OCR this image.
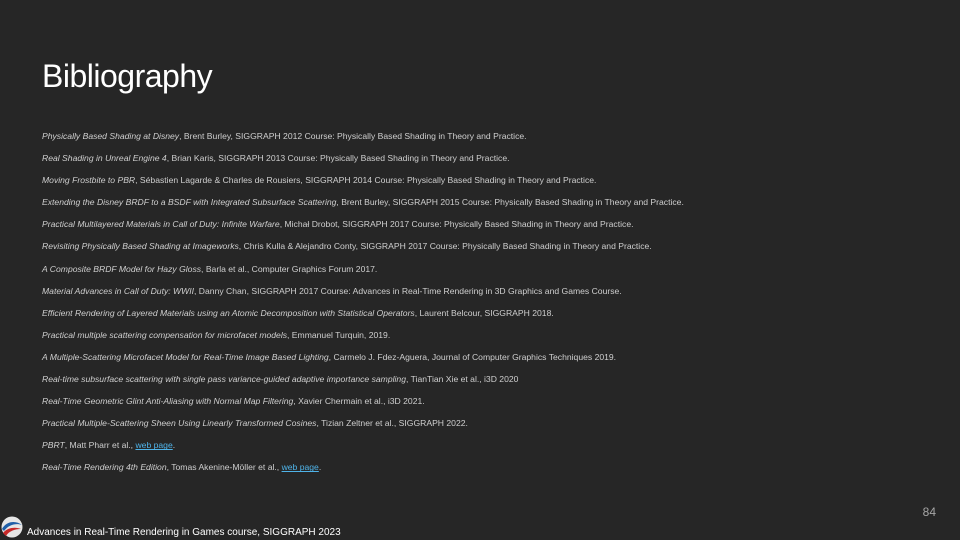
Bibliography
Physically Based Shading at Disney, Brent Burley, SIGGRAPH 2012 Course: Physically Based Shading in Theory and Practice.
Real Shading in Unreal Engine 4, Brian Karis, SIGGRAPH 2013 Course: Physically Based Shading in Theory and Practice.
Moving Frostbite to PBR, Sébastien Lagarde & Charles de Rousiers, SIGGRAPH 2014 Course: Physically Based Shading in Theory and Practice.
Extending the Disney BRDF to a BSDF with Integrated Subsurface Scattering, Brent Burley, SIGGRAPH 2015 Course: Physically Based Shading in Theory and Practice.
Practical Multilayered Materials in Call of Duty: Infinite Warfare, Michał Drobot, SIGGRAPH 2017 Course: Physically Based Shading in Theory and Practice.
Revisiting Physically Based Shading at Imageworks, Chris Kulla & Alejandro Conty, SIGGRAPH 2017 Course: Physically Based Shading in Theory and Practice.
A Composite BRDF Model for Hazy Gloss, Barla et al., Computer Graphics Forum 2017.
Material Advances in Call of Duty: WWII, Danny Chan, SIGGRAPH 2017 Course: Advances in Real-Time Rendering in 3D Graphics and Games Course.
Efficient Rendering of Layered Materials using an Atomic Decomposition with Statistical Operators, Laurent Belcour, SIGGRAPH 2018.
Practical multiple scattering compensation for microfacet models, Emmanuel Turquin, 2019.
A Multiple-Scattering Microfacet Model for Real-Time Image Based Lighting, Carmelo J. Fdez-Aguera, Journal of Computer Graphics Techniques 2019.
Real-time subsurface scattering with single pass variance-guided adaptive importance sampling, TianTian Xie et al., i3D 2020
Real-Time Geometric Glint Anti-Aliasing with Normal Map Filtering, Xavier Chermain et al., i3D 2021.
Practical Multiple-Scattering Sheen Using Linearly Transformed Cosines, Tizian Zeltner et al., SIGGRAPH 2022.
PBRT, Matt Pharr et al., web page.
Real-Time Rendering 4th Edition, Tomas Akenine-Möller et al., web page.
84
Advances in Real-Time Rendering in Games course, SIGGRAPH 2023
